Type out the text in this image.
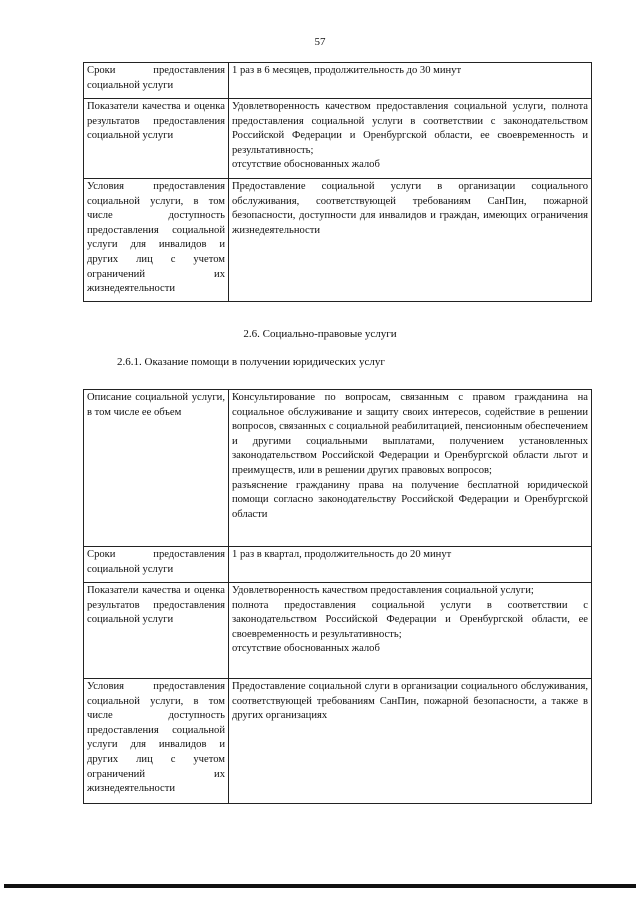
57
Сроки предоставления социальной услуги	1 раз в 6 месяцев, продолжительность до 30 минут

Показатели качества и оценка результатов предоставления социальной услуги	Удовлетворенность качеством предоставления социальной услуги, полнота предоставления социальной услуги в соответствии с законодательством Российской Федерации и Оренбургской области, ее своевременность и результативность;
отсутствие обоснованных жалоб

Условия предоставления социальной услуги, в том числе доступность предоставления социальной услуги для инвалидов и других лиц с учетом ограничений их жизнедеятельности	Предоставление социальной услуги в организации социального обслуживания, соответствующей требованиям СанПин, пожарной безопасности, доступности для инвалидов и граждан, имеющих ограничения жизнедеятельности
2.6. Социально-правовые услуги
2.6.1. Оказание помощи в получении юридических услуг
Описание социальной услуги, в том числе ее объем	Консультирование по вопросам, связанным с правом гражданина на социальное обслуживание и защиту своих интересов, содействие в решении вопросов, связанных с социальной реабилитацией, пенсионным обеспечением и другими социальными выплатами, получением установленных законодательством Российской Федерации и Оренбургской области льгот и преимуществ, или в решении других правовых вопросов;
разъяснение гражданину права на получение бесплатной юридической помощи согласно законодательству Российской Федерации и Оренбургской области

Сроки предоставления социальной услуги	1 раз в квартал, продолжительность до 20 минут

Показатели качества и оценка результатов предоставления социальной услуги	Удовлетворенность качеством предоставления социальной услуги;
полнота предоставления социальной услуги в соответствии с законодательством Российской Федерации и Оренбургской области, ее своевременность и результативность;
отсутствие обоснованных жалоб

Условия предоставления социальной услуги, в том числе доступность предоставления социальной услуги для инвалидов и других лиц с учетом ограничений их жизнедеятельности	Предоставление социальной слуги в организации социального обслуживания, соответствующей требованиям СанПин, пожарной безопасности, а также в других организациях
